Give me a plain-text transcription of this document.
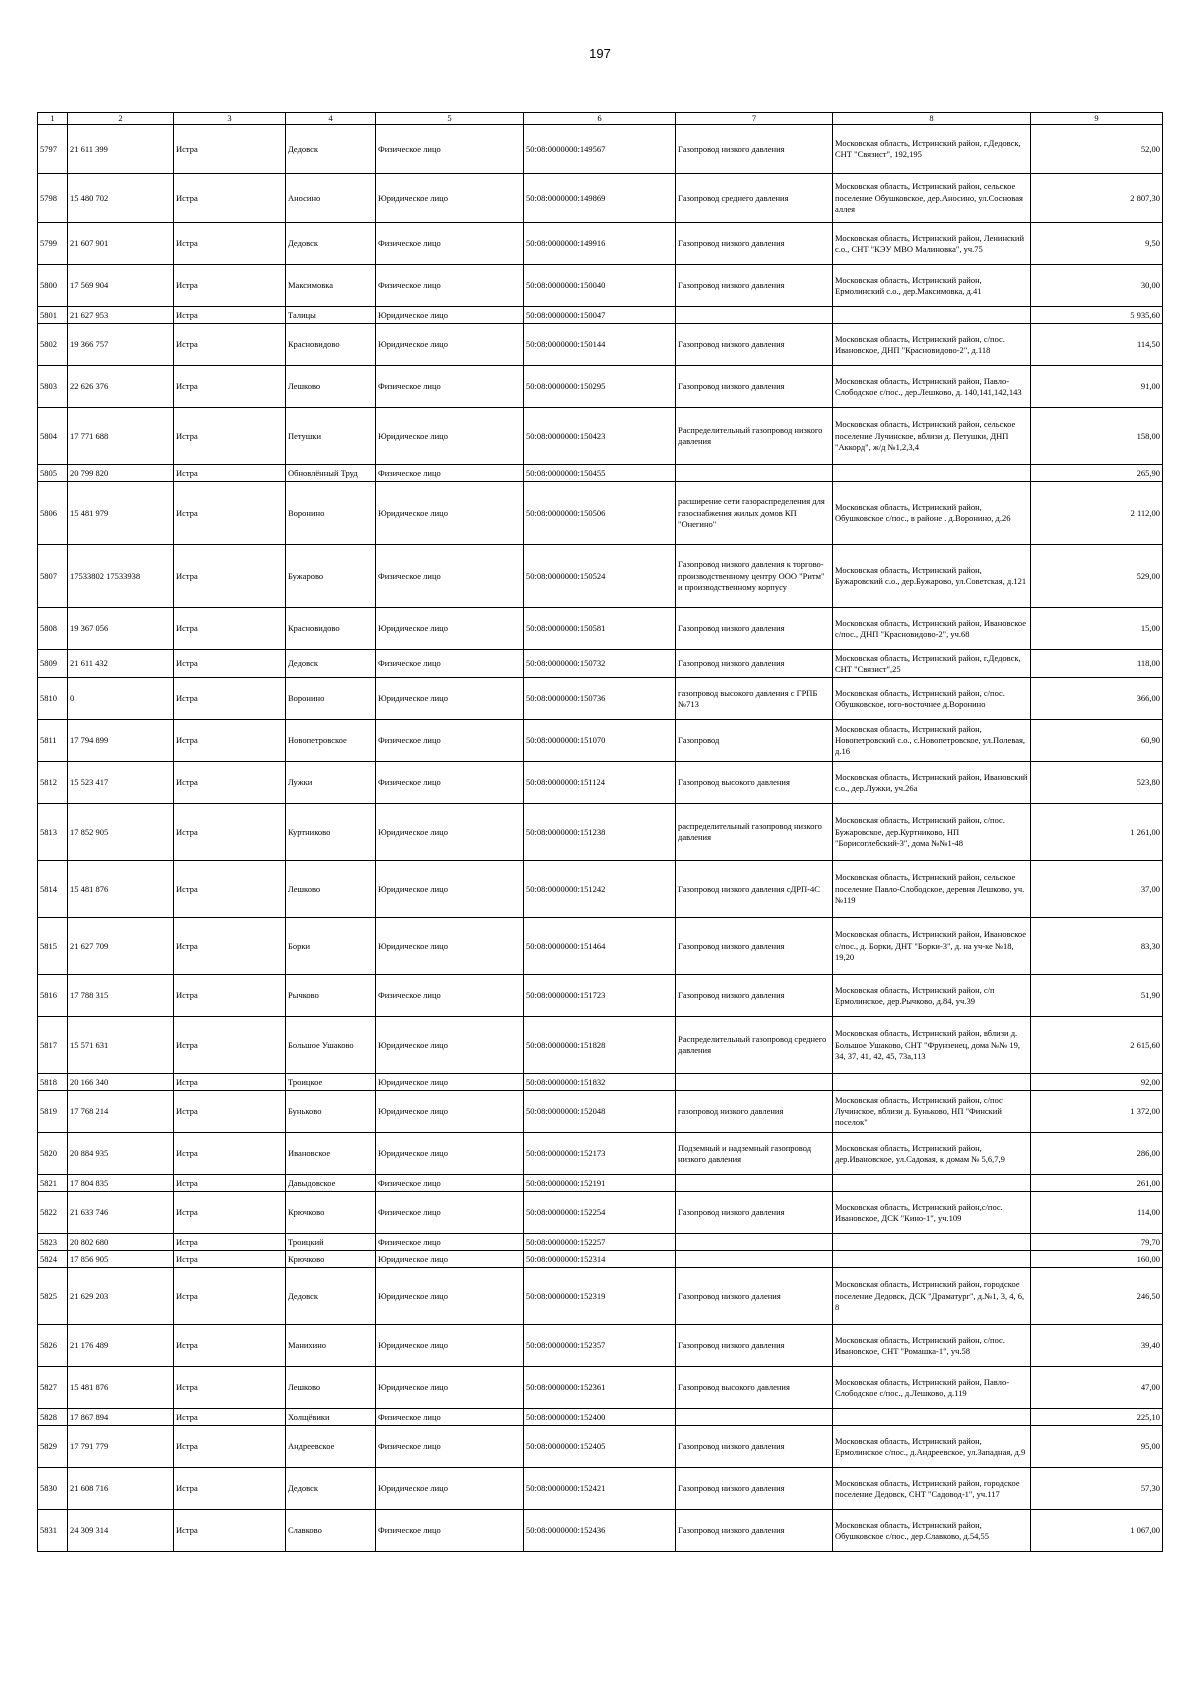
197
1	2	3	4	5	6	7	8	9
5797	21 611 399	Истра	Дедовск	Физическое лицо	50:08:0000000:149567	Газопровод низкого давления	Московская область, Истринский район, г.Дедовск, СНТ "Связист", 192,195	52,00
5798	15 480 702	Истра	Аносино	Юридическое лицо	50:08:0000000:149869	Газопровод среднего давления	Московская область, Истринский район, сельское поселение Обушковское, дер.Аносино, ул.Сосновая аллея	2 807,30
5799	21 607 901	Истра	Дедовск	Физическое лицо	50:08:0000000:149916	Газопровод низкого давления	Московская область, Истринский район, Ленинский с.о., СНТ "КЭУ МВО Малиновка", уч.75	9,50
5800	17 569 904	Истра	Максимовка	Физическое лицо	50:08:0000000:150040	Газопровод низкого давления	Московская область, Истринский район, Ермолинский с.о., дер.Максимовка, д.41	30,00
5801	21 627 953	Истра	Талицы	Юридическое лицо	50:08:0000000:150047			5 935,60
5802	19 366 757	Истра	Красновидово	Юридическое лицо	50:08:0000000:150144	Газопровод низкого давления	Московская область, Истринский район, с/пос. Ивановское, ДНП "Красновидово-2", д.118	114,50
5803	22 626 376	Истра	Лешково	Физическое лицо	50:08:0000000:150295	Газопровод низкого давления	Московская область, Истринский район, Павло-Слободское с/пос., дер.Лешково, д. 140,141,142,143	91,00
5804	17 771 688	Истра	Петушки	Юридическое лицо	50:08:0000000:150423	Распределительный газопровод низкого давления	Московская область, Истринский район, сельское поселение Лучинское, вблизи д. Петушки, ДНП "Аккорд", ж/д №1,2,3,4	158,00
5805	20 799 820	Истра	Обновлённый Труд	Физическое лицо	50:08:0000000:150455			265,90
5806	15 481 979	Истра	Воронино	Юридическое лицо	50:08:0000000:150506	расширение сети газораспределения для газоснабжения жилых домов КП "Онегино"	Московская область, Истринский район, Обушковское с/пос., в районе . д.Воронино, д.26	2 112,00
5807	17533802 17533938	Истра	Бужарово	Физическое лицо	50:08:0000000:150524	Газопровод низкого давления к торгово-производственному центру ООО "Ритм" и производственному корпусу	Московская область, Истринский район, Бужаровский с.о., дер.Бужарово, ул.Советская, д.121	529,00
5808	19 367 056	Истра	Красновидово	Юридическое лицо	50:08:0000000:150581	Газопровод низкого давления	Московская область, Истринский район, Ивановское с/пос., ДНП "Красновидово-2", уч.68	15,00
5809	21 611 432	Истра	Дедовск	Физическое лицо	50:08:0000000:150732	Газопровод низкого давления	Московская область, Истринский район, г.Дедовск, СНТ "Связист",25	118,00
5810	0	Истра	Воронино	Юридическое лицо	50:08:0000000:150736	газопровод высокого давления с ГРПБ №713	Московская область, Истринский район, с/пос. Обушковское, юго-восточнее д.Воронино	366,00
5811	17 794 899	Истра	Новопетровское	Физическое лицо	50:08:0000000:151070	Газопровод	Московская область, Истринский район, Новопетровский с.о., с.Новопетровское, ул.Полевая, д.16	60,90
5812	15 523 417	Истра	Лужки	Физическое лицо	50:08:0000000:151124	Газопровод высокого давления	Московская область, Истринский район, Ивановский с.о., дер.Лужки, уч.26а	523,80
5813	17 852 905	Истра	Куртниково	Юридическое лицо	50:08:0000000:151238	распределительный газопровод низкого давления	Московская область, Истринский район, с/пос. Бужаровское, дер.Куртниково, НП "Борисоглебский-3", дома №№1-48	1 261,00
5814	15 481 876	Истра	Лешково	Юридическое лицо	50:08:0000000:151242	Газопровод низкого давления сДРП-4С	Московская область, Истринский район, сельское поселение Павло-Слободское, деревня Лешково, уч.№119	37,00
5815	21 627 709	Истра	Борки	Юридическое лицо	50:08:0000000:151464	Газопровод низкого давления	Московская область, Истринский район, Ивановское с/пос., д. Борки, ДНТ "Борки-3", д. на уч-ке №18, 19,20	83,30
5816	17 788 315	Истра	Рычково	Физическое лицо	50:08:0000000:151723	Газопровод низкого давления	Московская область, Истринский район, с/п Ермолинское, дер.Рычково, д.84, уч.39	51,90
5817	15 571 631	Истра	Большое Ушаково	Юридическое лицо	50:08:0000000:151828	Распределительный газопровод среднего давления	Московская область, Истринский район, вблизи д. Большое Ушаково, СНТ "Фрунзенец, дома №№ 19, 34, 37, 41, 42, 45, 73а,113	2 615,60
5818	20 166 340	Истра	Троицкое	Юридическое лицо	50:08:0000000:151832			92,00
5819	17 768 214	Истра	Буньково	Юридическое лицо	50:08:0000000:152048	газопровод низкого давления	Московская область, Истринский район, с/пос Лучинское, вблизи д. Буньково, НП "Финский поселок"	1 372,00
5820	20 884 935	Истра	Ивановское	Юридическое лицо	50:08:0000000:152173	Подземный и надземный газопровод низкого давления	Московская область, Истринский район, дер.Ивановское, ул.Садовая, к домам № 5,6,7,9	286,00
5821	17 804 835	Истра	Давыдовское	Физическое лицо	50:08:0000000:152191			261,00
5822	21 633 746	Истра	Крючково	Физическое лицо	50:08:0000000:152254	Газопровод низкого давления	Московская область, Истринский район,с/пос. Ивановское, ДСК "Кино-1", уч.109	114,00
5823	20 802 680	Истра	Троицкий	Физическое лицо	50:08:0000000:152257			79,70
5824	17 856 905	Истра	Крючково	Юридическое лицо	50:08:0000000:152314			160,00
5825	21 629 203	Истра	Дедовск	Юридическое лицо	50:08:0000000:152319	Газопровод низкого даления	Московская область, Истринский район, городское поселение Дедовск, ДСК "Драматург", д.№1, 3, 4, 6, 8	246,50
5826	21 176 489	Истра	Манихино	Юридическое лицо	50:08:0000000:152357	Газопровод низкого давления	Московская область, Истринский район, с/пос. Ивановское, СНТ "Ромашка-1", уч.58	39,40
5827	15 481 876	Истра	Лешково	Юридическое лицо	50:08:0000000:152361	Газопровод высокого давления	Московская область, Истринский район, Павло-Слободское с/пос., д.Лешково, д.119	47,00
5828	17 867 894	Истра	Холщёвики	Физическое лицо	50:08:0000000:152400			225,10
5829	17 791 779	Истра	Андреевское	Физическое лицо	50:08:0000000:152405	Газопровод низкого давления	Московская область, Истринский район, Ермолинское с/пос., д.Андреевское, ул.Западная, д.9	95,00
5830	21 608 716	Истра	Дедовск	Юридическое лицо	50:08:0000000:152421	Газопровод низкого давления	Московская область, Истринский район, городское поселение Дедовск, СНТ "Садовод-1", уч.117	57,30
5831	24 309 314	Истра	Славково	Физическое лицо	50:08:0000000:152436	Газопровод низкого давления	Московская область, Истринский район, Обушковское с/пос., дер.Славково, д.54,55	1 067,00
